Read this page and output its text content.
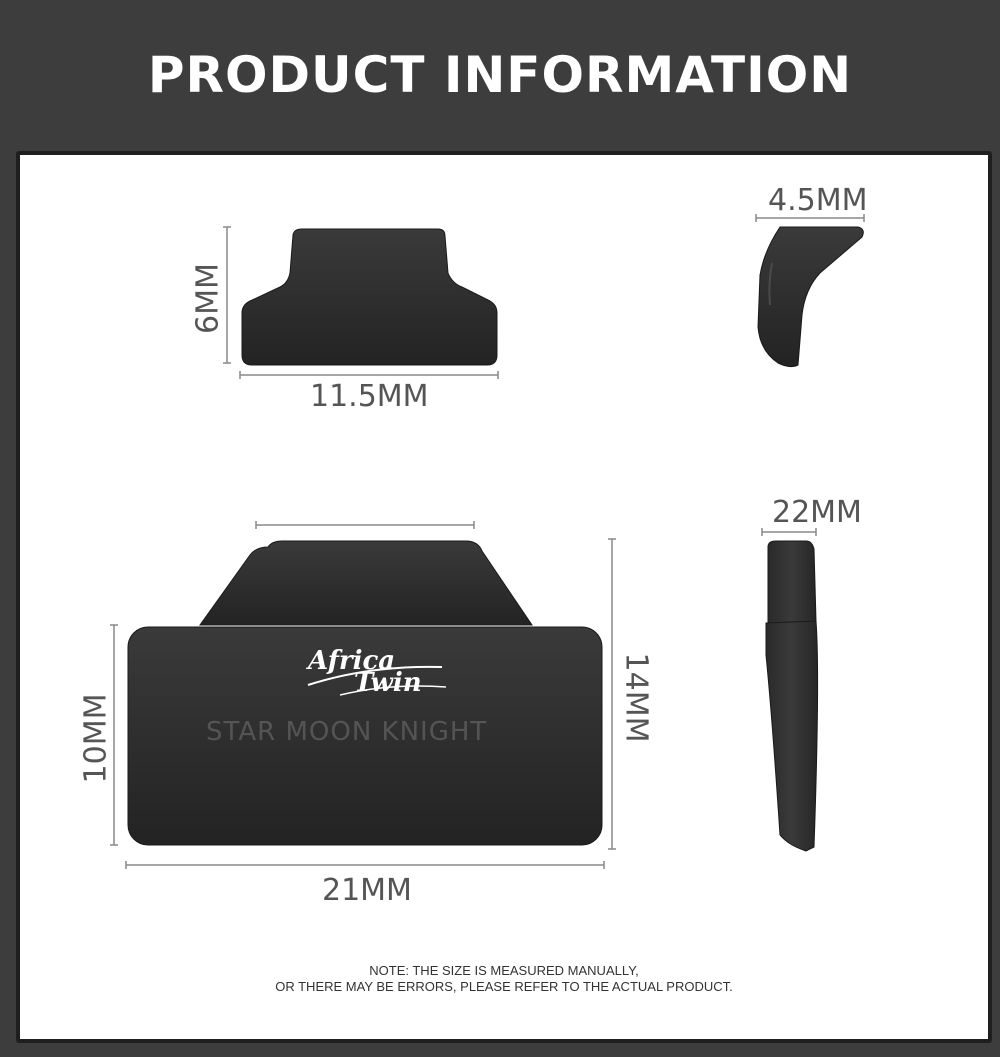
PRODUCT INFORMATION
6MM
11.5MM
4.5MM
22MM
10MM	14MM
21MM
Africa
Twin
STAR MOON KNIGHT
NOTE: THE SIZE IS MEASURED MANUALLY,
OR THERE MAY BE ERRORS, PLEASE REFER TO THE ACTUAL PRODUCT.
